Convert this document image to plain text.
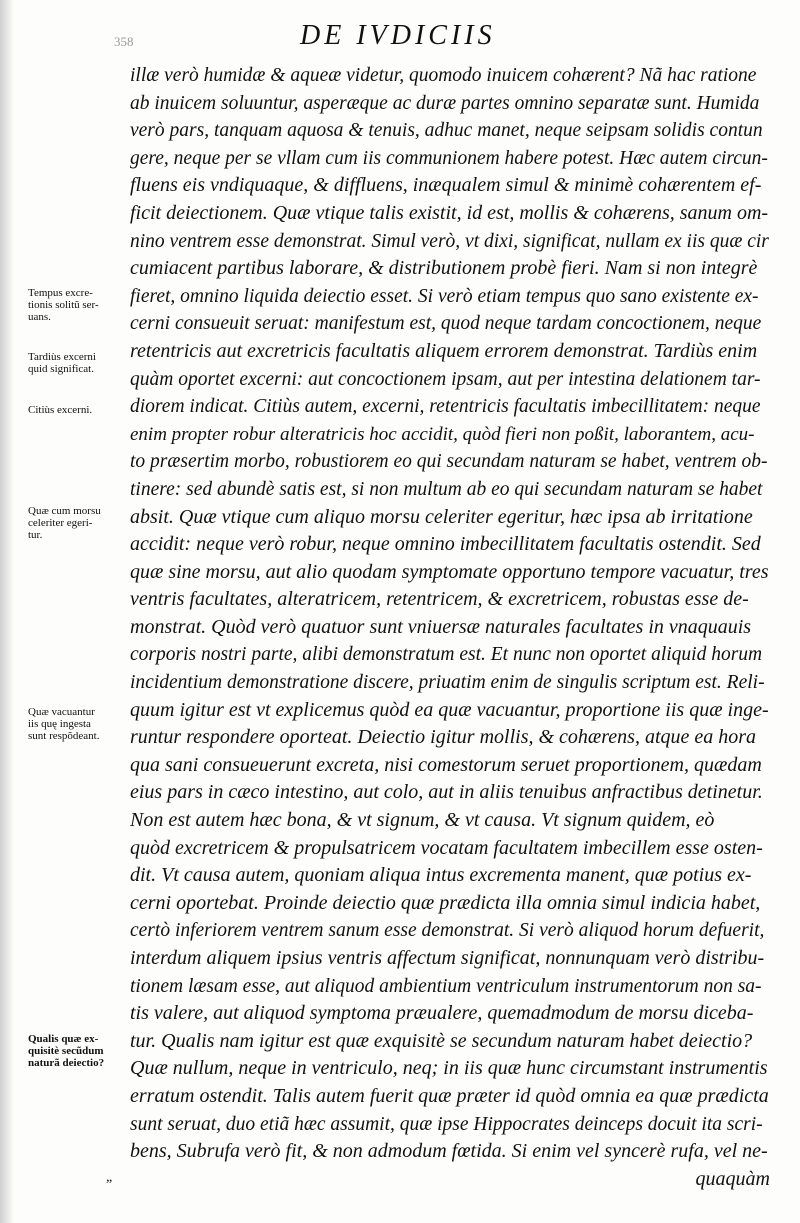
358	DE IVDICIIS
illæ verò humidæ & aqueæ videtur, quomodo inuicem cohærent? Nã hac ratione
ab inuicem soluuntur, asperæque ac duræ partes omnino separatæ sunt. Humida
verò pars, tanquam aquosa & tenuis, adhuc manet, neque seipsam solidis contun
gere, neque per se vllam cum iis communionem habere potest. Hæc autem circun-
fluens eis vndiquaque, & diffluens, inæqualem simul & minimè cohærentem ef-
ficit deiectionem. Quæ vtique talis existit, id est, mollis & cohærens, sanum om-
nino ventrem esse demonstrat. Simul verò, vt dixi, significat, nullam ex iis quæ cir
cumiacent partibus laborare, & distributionem probè fieri. Nam si non integrè
fieret, omnino liquida deiectio esset. Si verò etiam tempus quo sano existente ex-
cerni consueuit seruat: manifestum est, quod neque tardam concoctionem, neque
retentricis aut excretricis facultatis aliquem errorem demonstrat. Tardiùs enim
quàm oportet excerni: aut concoctionem ipsam, aut per intestina delationem tar-
diorem indicat. Citiùs autem, excerni, retentricis facultatis imbecillitatem: neque
enim propter robur alteratricis hoc accidit, quòd fieri non poßit, laborantem, acu-
to præsertim morbo, robustiorem eo qui secundam naturam se habet, ventrem ob-
tinere: sed abundè satis est, si non multum ab eo qui secundam naturam se habet
absit. Quæ vtique cum aliquo morsu celeriter egeritur, hæc ipsa ab irritatione
accidit: neque verò robur, neque omnino imbecillitatem facultatis ostendit. Sed
quæ sine morsu, aut alio quodam symptomate opportuno tempore vacuatur, tres
ventris facultates, alteratricem, retentricem, & excretricem, robustas esse de-
monstrat. Quòd verò quatuor sunt vniuersæ naturales facultates in vnaquauis
corporis nostri parte, alibi demonstratum est. Et nunc non oportet aliquid horum
incidentium demonstratione discere, priuatim enim de singulis scriptum est. Reli-
quum igitur est vt explicemus quòd ea quæ vacuantur, proportione iis quæ inge-
runtur respondere oporteat. Deiectio igitur mollis, & cohærens, atque ea hora
qua sani consueuerunt excreta, nisi comestorum seruet proportionem, quædam
eius pars in cæco intestino, aut colo, aut in aliis tenuibus anfractibus detinetur.
Non est autem hæc bona, & vt signum, & vt causa. Vt signum quidem, eò
quòd excretricem & propulsatricem vocatam facultatem imbecillem esse osten-
dit. Vt causa autem, quoniam aliqua intus excrementa manent, quæ potius ex-
cerni oportebat. Proinde deiectio quæ prædicta illa omnia simul indicia habet,
certò inferiorem ventrem sanum esse demonstrat. Si verò aliquod horum defuerit,
interdum aliquem ipsius ventris affectum significat, nonnunquam verò distribu-
tionem læsam esse, aut aliquod ambientium ventriculum instrumentorum non sa-
tis valere, aut aliquod symptoma præualere, quemadmodum de morsu diceba-
tur. Qualis nam igitur est quæ exquisitè se secundum naturam habet deiectio?
Quæ nullum, neque in ventriculo, neq; in iis quæ hunc circumstant instrumentis
erratum ostendit. Talis autem fuerit quæ præter id quòd omnia ea quæ prædicta
sunt seruat, duo etiã hæc assumit, quæ ipse Hippocrates deinceps docuit ita scri-
bens, Subrufa verò fit, & non admodum fœtida. Si enim vel syncerè rufa, vel ne-
quaquàm
Tempus excre-
tionis solitũ ser-
uans.
Tardiùs excerni
quid significat.
Citiùs excerni.
Quæ cum morsu
celeriter egeri-
tur.
Quæ vacuantur
iis quę ingesta
sunt respõdeant.
Qualis quæ ex-
quisitè secũdum
naturã deiectio?
„
